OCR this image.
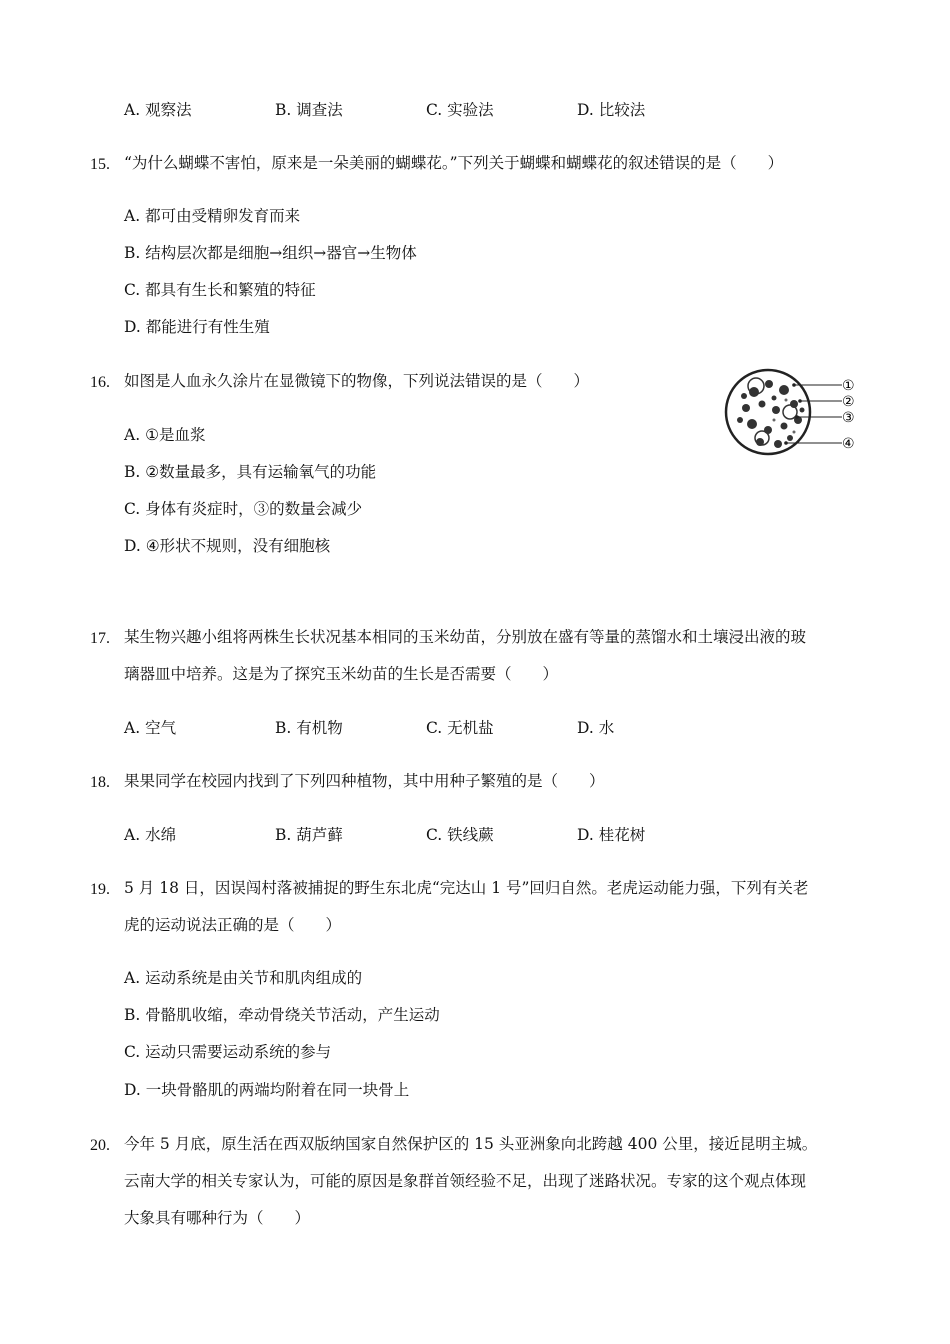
A. 观察法	B. 调查法	C. 实验法	D. 比较法
15. “为什么蝴蝶不害怕，原来是一朵美丽的蝴蝶花。”下列关于蝴蝶和蝴蝶花的叙述错误的是（　　）
A. 都可由受精卵发育而来
B. 结构层次都是细胞→组织→器官→生物体
C. 都具有生长和繁殖的特征
D. 都能进行有性生殖
16. 如图是人血永久涂片在显微镜下的物像，下列说法错误的是（　　）	①
②
③
④
A. ①是血浆
B. ②数量最多，具有运输氧气的功能
C. 身体有炎症时，③的数量会减少
D. ④形状不规则，没有细胞核
17. 某生物兴趣小组将两株生长状况基本相同的玉米幼苗，分别放在盛有等量的蒸馏水和土壤浸出液的玻
璃器皿中培养。这是为了探究玉米幼苗的生长是否需要（　　）
A. 空气	B. 有机物	C. 无机盐	D. 水
18. 果果同学在校园内找到了下列四种植物，其中用种子繁殖的是（　　）
A. 水绵	B. 葫芦藓	C. 铁线蕨	D. 桂花树
19. 5 月 18 日，因误闯村落被捕捉的野生东北虎“完达山 1 号”回归自然。老虎运动能力强，下列有关老
虎的运动说法正确的是（　　）
A. 运动系统是由关节和肌肉组成的
B. 骨骼肌收缩，牵动骨绕关节活动，产生运动
C. 运动只需要运动系统的参与
D. 一块骨骼肌的两端均附着在同一块骨上
20. 今年 5 月底，原生活在西双版纳国家自然保护区的 15 头亚洲象向北跨越 400 公里，接近昆明主城。
云南大学的相关专家认为，可能的原因是象群首领经验不足，出现了迷路状况。专家的这个观点体现
大象具有哪种行为（　　）
